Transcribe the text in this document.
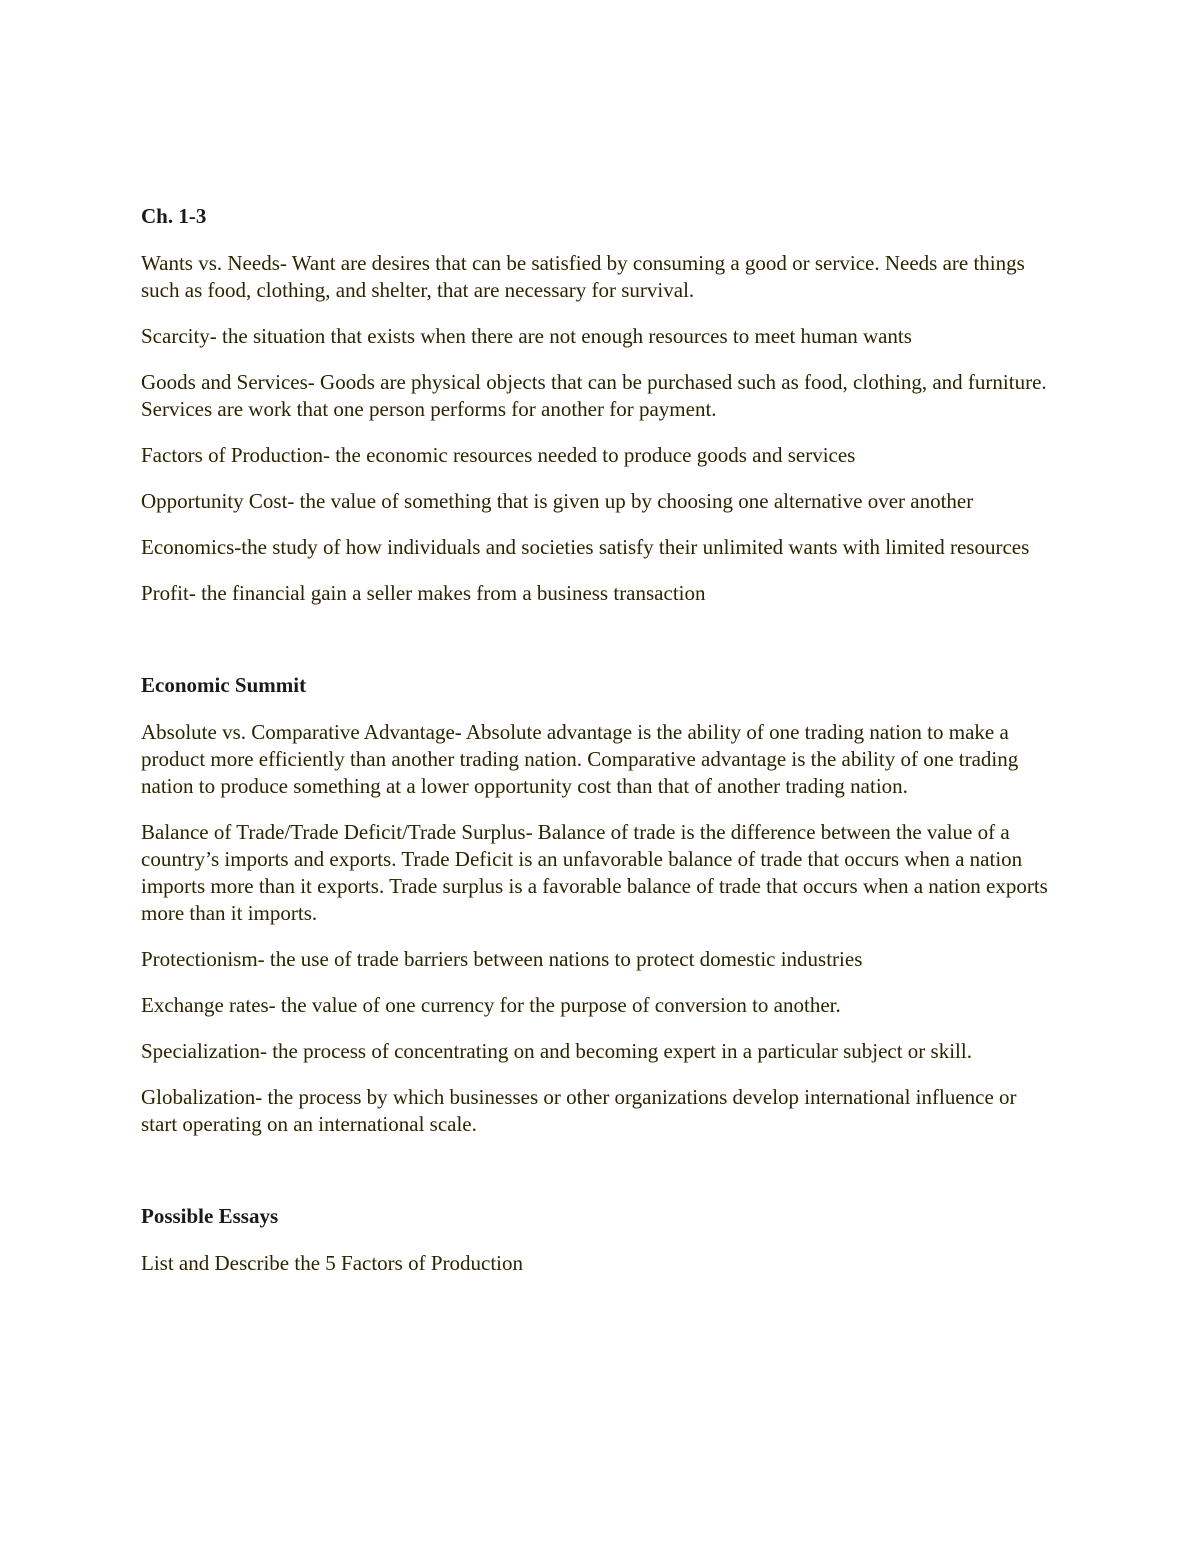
Ch. 1-3

Wants vs. Needs- Want are desires that can be satisfied by consuming a good or service. Needs are things such as food, clothing, and shelter, that are necessary for survival.

Scarcity- the situation that exists when there are not enough resources to meet human wants

Goods and Services- Goods are physical objects that can be purchased such as food, clothing, and furniture. Services are work that one person performs for another for payment.

Factors of Production- the economic resources needed to produce goods and services

Opportunity Cost- the value of something that is given up by choosing one alternative over another

Economics-the study of how individuals and societies satisfy their unlimited wants with limited resources

Profit- the financial gain a seller makes from a business transaction

Economic Summit

Absolute vs. Comparative Advantage- Absolute advantage is the ability of one trading nation to make a product more efficiently than another trading nation. Comparative advantage is the ability of one trading nation to produce something at a lower opportunity cost than that of another trading nation.

Balance of Trade/Trade Deficit/Trade Surplus- Balance of trade is the difference between the value of a country’s imports and exports. Trade Deficit is an unfavorable balance of trade that occurs when a nation imports more than it exports. Trade surplus is a favorable balance of trade that occurs when a nation exports more than it imports.

Protectionism- the use of trade barriers between nations to protect domestic industries

Exchange rates- the value of one currency for the purpose of conversion to another.

Specialization- the process of concentrating on and becoming expert in a particular subject or skill.

Globalization- the process by which businesses or other organizations develop international influence or start operating on an international scale.

Possible Essays

List and Describe the 5 Factors of Production
